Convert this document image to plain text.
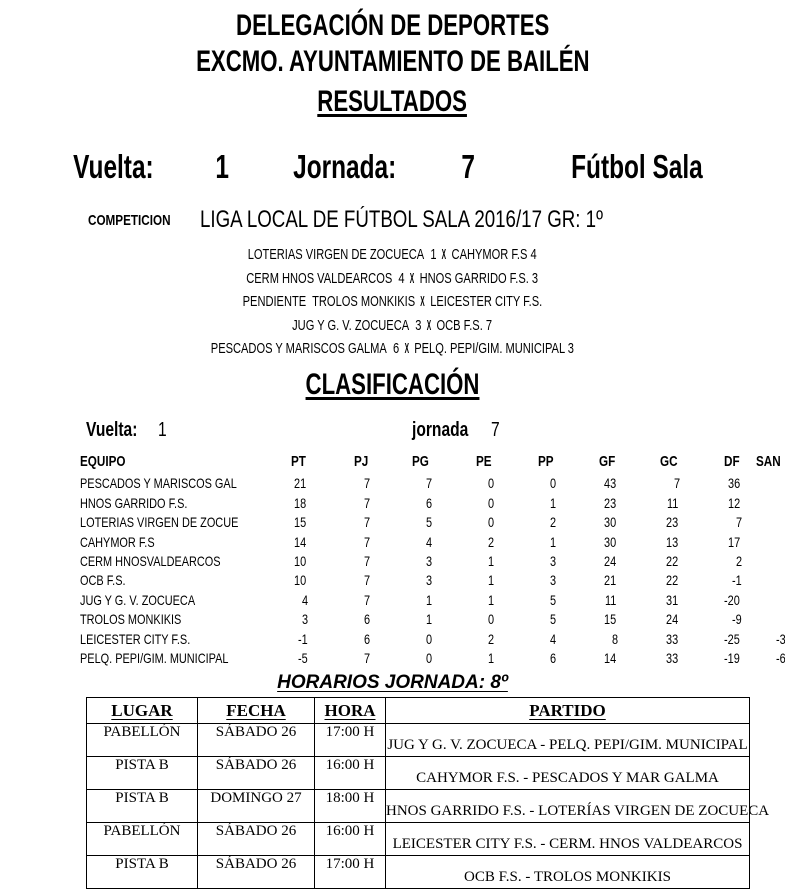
DELEGACIÓN DE DEPORTES
EXCMO. AYUNTAMIENTO DE BAILÉN
RESULTADOS
Vuelta: 1 Jornada: 7	Fútbol Sala
COMPETICION	LIGA LOCAL DE FÚTBOL SALA 2016/17 GR: 1º
LOTERIAS VIRGEN DE ZOCUECA  1 X CAHYMOR F.S 4
CERM HNOS VALDEARCOS  4 X HNOS GARRIDO F.S. 3
PENDIENTE  TROLOS MONKIKIS X LEICESTER CITY F.S.
JUG Y G. V. ZOCUECA  3 X OCB F.S. 7
PESCADOS Y MARISCOS GALMA  6 X PELQ. PEPI/GIM. MUNICIPAL 3
CLASIFICACIÓN
Vuelta:	1	jornada	7
EQUIPO	PT	PJ	PG	PE	PP	GF	GC	DF	SAN
PESCADOS Y MARISCOS GAL	21	7	7	0	0	43	7	36	
HNOS GARRIDO F.S.	18	7	6	0	1	23	11	12	
LOTERIAS VIRGEN DE ZOCUE	15	7	5	0	2	30	23	7	
CAHYMOR F.S	14	7	4	2	1	30	13	17	
CERM HNOSVALDEARCOS	10	7	3	1	3	24	22	2	
OCB F.S.	10	7	3	1	3	21	22	-1	
JUG Y G. V. ZOCUECA	4	7	1	1	5	11	31	-20	
TROLOS MONKIKIS	3	6	1	0	5	15	24	-9	
LEICESTER CITY F.S.	-1	6	0	2	4	8	33	-25	-3
PELQ. PEPI/GIM. MUNICIPAL	-5	7	0	1	6	14	33	-19	-6
HORARIOS JORNADA: 8º
LUGAR	FECHA	HORA	PARTIDO
PABELLÓN	SÁBADO 26	17:00 H	JUG Y G. V. ZOCUECA - PELQ. PEPI/GIM. MUNICIPAL
PISTA B	SÁBADO 26	16:00 H	CAHYMOR F.S. - PESCADOS Y MAR GALMA
PISTA B	DOMINGO 27	18:00 H	HNOS GARRIDO F.S. - LOTERÍAS VIRGEN DE ZOCUECA
PABELLÓN	SÁBADO 26	16:00 H	LEICESTER CITY F.S. - CERM. HNOS VALDEARCOS
PISTA B	SÁBADO 26	17:00 H	OCB F.S. - TROLOS MONKIKIS
